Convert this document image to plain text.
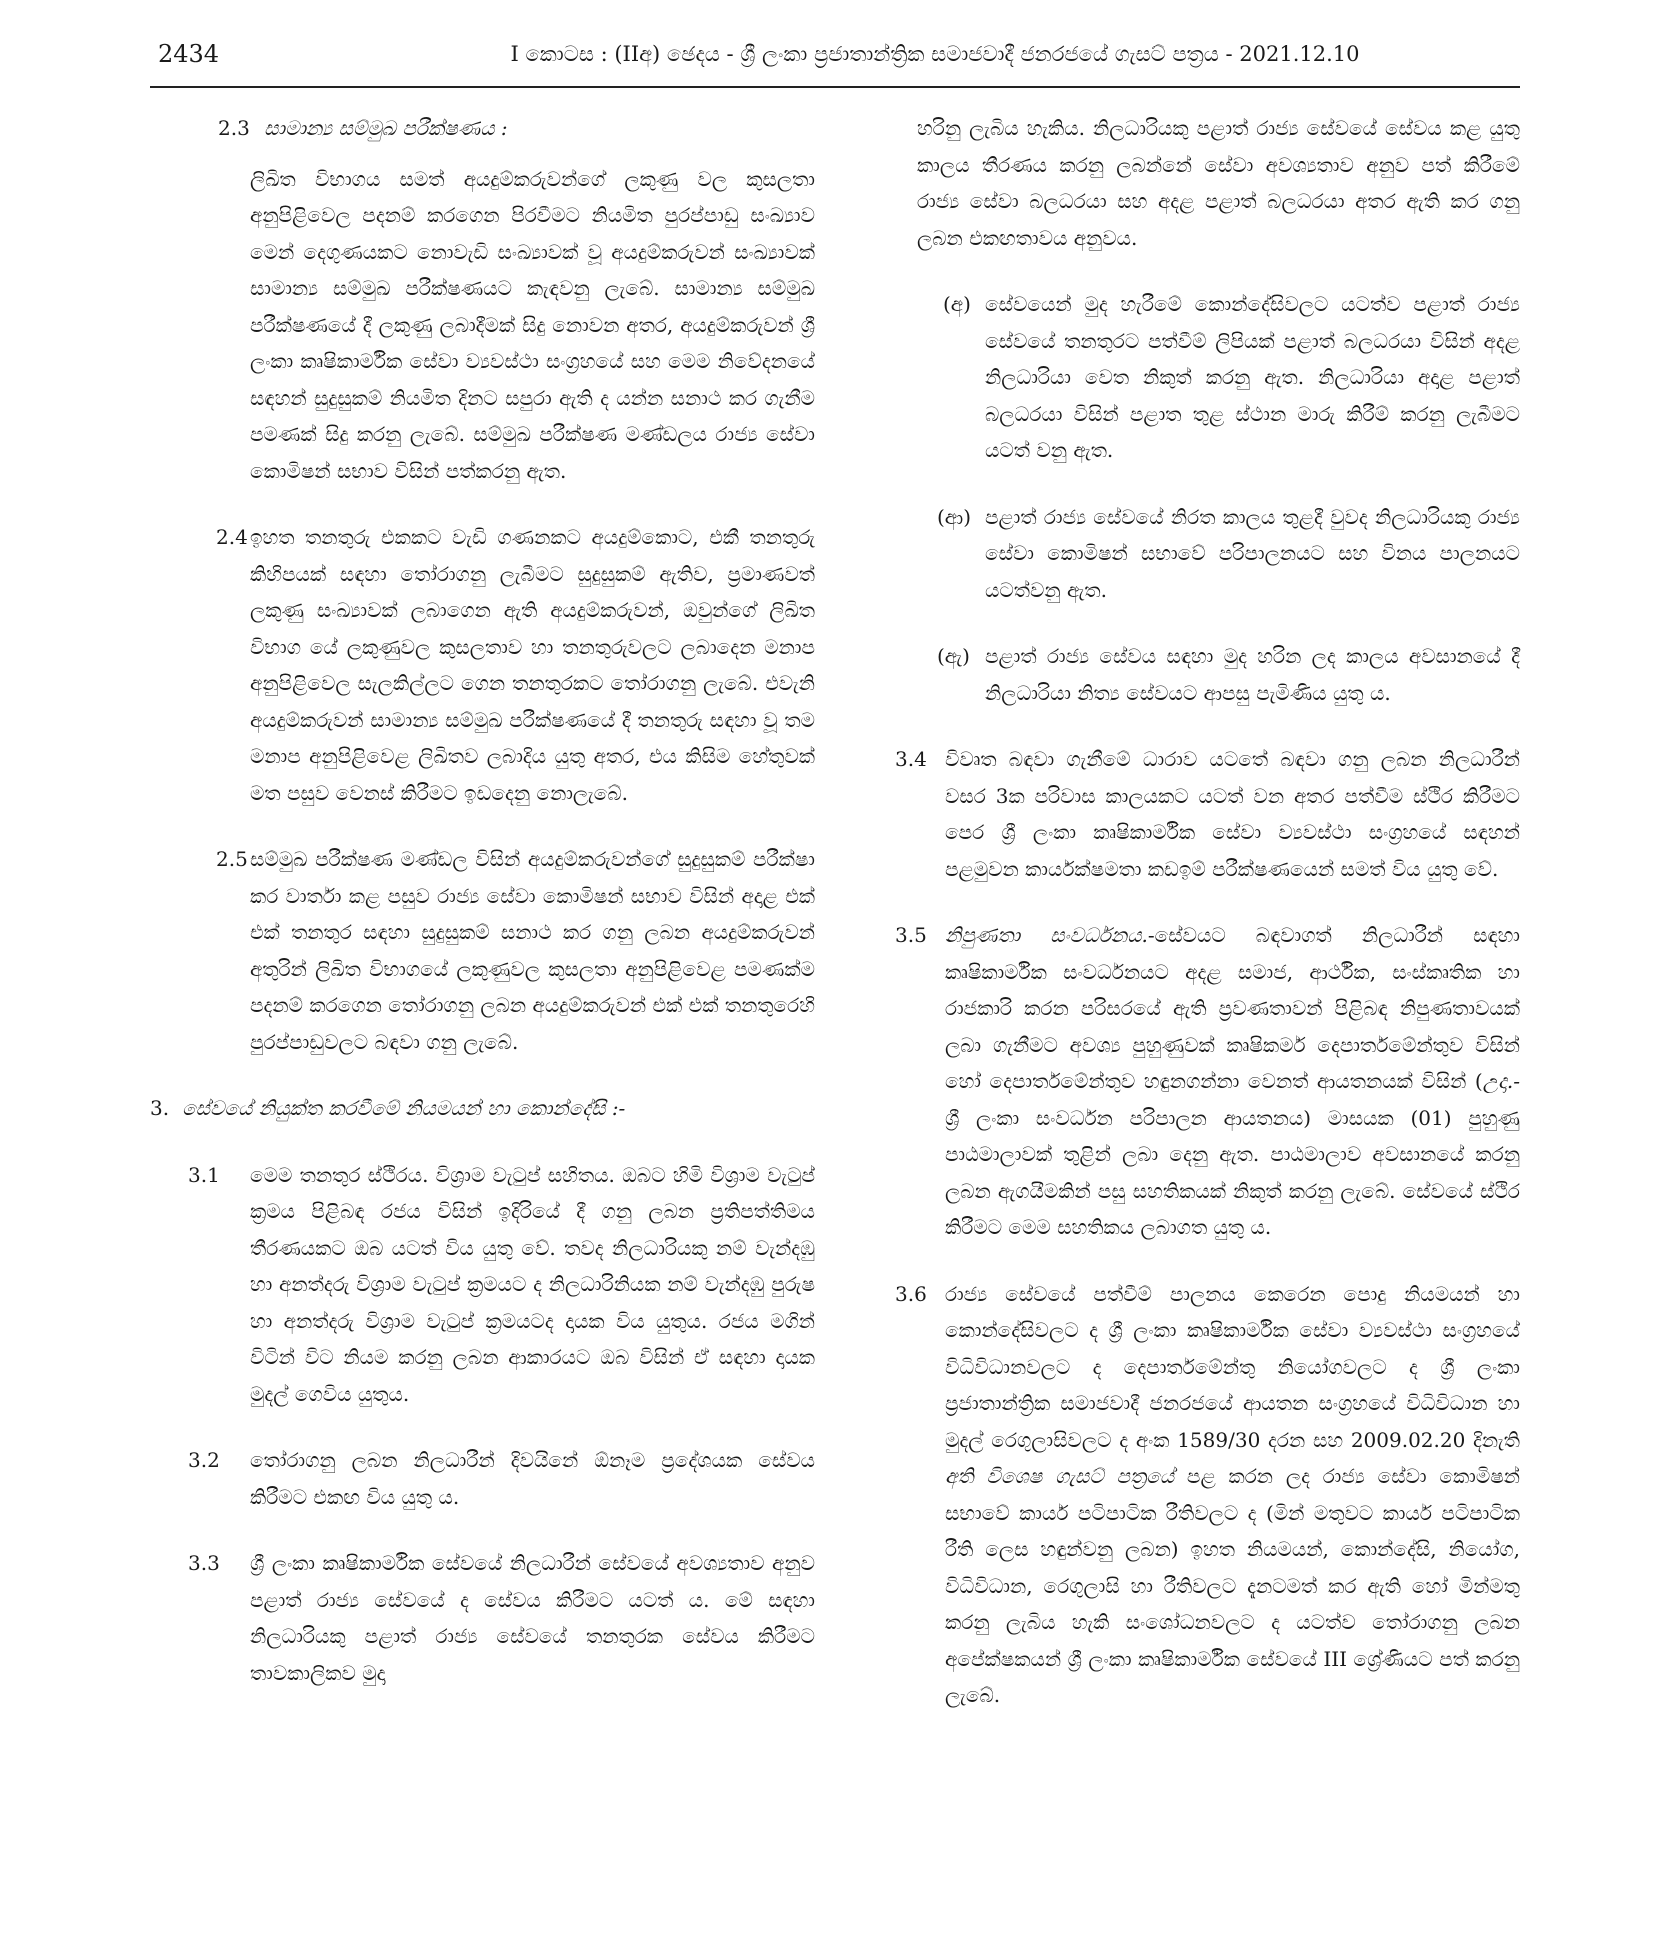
2434	I කොටස : (IIඅ) ඡෙදය - ශ්‍රී ලංකා ප්‍රජාතාන්ත්‍රික සමාජවාදී ජනරජයේ ගැසට් පත්‍රය - 2021.12.10
2.3 සාමාන්‍ය සම්මුඛ පරීක්ෂණය :
ලිඛිත විභාගය සමත් අයදුම්කරුවන්ගේ ලකුණු වල කුසලතා අනුපිළිවෙල පදනම් කරගෙන පිරවීමට නියමිත පුරප්පාඩු සංඛ්‍යාව මෙන් දෙගුණයකට නොවැඩි සංඛ්‍යාවක් වූ අයදුම්කරුවන් සංඛ්‍යාවක් සාමාන්‍ය සම්මුඛ පරීක්ෂණයට කැඳවනු ලැබේ. සාමාන්‍ය සම්මුඛ පරීක්ෂණයේ දී ලකුණු ලබාදීමක් සිදු නොවන අතර, අයදුම්කරුවන් ශ්‍රී ලංකා කෘෂිකාර්මික සේවා ව්‍යවස්ථා සංග්‍රහයේ සහ මෙම නිවේදනයේ සඳහන් සුදුසුකම් නියමිත දිනට සපුරා ඇති ද යන්න සනාථ කර ගැනීම පමණක් සිදු කරනු ලැබේ. සම්මුඛ පරීක්ෂණ මණ්ඩලය රාජ්‍ය සේවා කොමිෂන් සභාව විසින් පත්කරනු ඇත.
2.4 ඉහත තනතුරු එකකට වැඩි ගණනකට අයදුම්කොට, එකී තනතුරු කිහිපයක් සඳහා තෝරාගනු ලැබීමට සුදුසුකම් ඇතිව, ප්‍රමාණවත් ලකුණු සංඛ්‍යාවක් ලබාගෙන ඇති අයදුම්කරුවන්, ඔවුන්ගේ ලිඛිත විභාග යේ ලකුණුවල කුසලතාව හා තනතුරුවලට ලබාදෙන මනාප අනුපිළිවෙල සැලකිල්ලට ගෙන තනතුරකට තෝරාගනු ලැබේ. එවැනි අයදුම්කරුවන් සාමාන්‍ය සම්මුඛ පරීක්ෂණයේ දී තනතුරු සඳහා වූ තම මනාප අනුපිළිවෙළ ලිඛිතව ලබාදිය යුතු අතර, එය කිසිම හේතුවක් මත පසුව වෙනස් කිරීමට ඉඩදෙනු නොලැබේ.
2.5 සම්මුඛ පරීක්ෂණ මණ්ඩල විසින් අයදුම්කරුවන්ගේ සුදුසුකම් පරීක්ෂා කර වාර්තා කළ පසුව රාජ්‍ය සේවා කොමිෂන් සභාව විසින් අදාළ එක් එක් තනතුර සඳහා සුදුසුකම් සනාථ කර ගනු ලබන අයදුම්කරුවන් අතුරින් ලිඛිත විභාගයේ ලකුණුවල කුසලතා අනුපිළිවෙළ පමණක්ම පදනම් කරගෙන තෝරාගනු ලබන අයදුම්කරුවන් එක් එක් තනතුරෙහි පුරප්පාඩුවලට බඳවා ගනු ලැබේ.
3. සේවයේ නියුක්ත කරවීමේ නියමයන් හා කොන්දේසි :-
3.1 මෙම තනතුර ස්ථිරය. විශ්‍රාම වැටුප් සහිතය. ඔබට හිමි විශ්‍රාම වැටුප් ක්‍රමය පිළිබඳ රජය විසින් ඉදිරියේ දී ගනු ලබන ප්‍රතිපත්තිමය තීරණයකට ඔබ යටත් විය යුතු වේ. තවද නිලධාරියකු නම් වැන්දඹු හා අනත්දරු විශ්‍රාම වැටුප් ක්‍රමයට ද නිලධාරිනියක නම් වැන්දඹු පුරුෂ හා අනත්දරු විශ්‍රාම වැටුප් ක්‍රමයටද දායක විය යුතුය. රජය මගින් විටින් විට නියම කරනු ලබන ආකාරයට ඔබ විසින් ඒ සඳහා දායක මුදල් ගෙවිය යුතුය.
3.2 තෝරාගනු ලබන නිලධාරීන් දිවයිනේ ඕනෑම ප්‍රදේශයක සේවය කිරීමට එකඟ විය යුතු ය.
3.3 ශ්‍රී ලංකා කෘෂිකාර්මික සේවයේ නිලධාරීන් සේවයේ අවශ්‍යතාව අනුව පළාත් රාජ්‍ය සේවයේ ද සේවය කිරීමට යටත් ය. මේ සඳහා නිලධාරියකු පළාත් රාජ්‍ය සේවයේ තනතුරක සේවය කිරීමට තාවකාලිකව මුදා
හරිනු ලැබිය හැකිය. නිලධාරියකු පළාත් රාජ්‍ය සේවයේ සේවය කළ යුතු කාලය තීරණය කරනු ලබන්නේ සේවා අවශ්‍යතාව අනුව පත් කිරීමේ රාජ්‍ය සේවා බලධරයා සහ අදළ පළාත් බලධරයා අතර ඇති කර ගනු ලබන එකඟතාවය අනුවය.
(අ) සේවයෙන් මුද හැරීමේ කොන්දේසිවලට යටත්ව පළාත් රාජ්‍ය සේවයේ තනතුරට පත්වීම් ලිපියක් පළාත් බලධරයා විසින් අදළ නිලධාරියා වෙත නිකුත් කරනු ඇත. නිලධාරියා අදාළ පළාත් බලධරයා විසින් පළාත තුළ ස්ථාන මාරු කිරීම් කරනු ලැබීමට යටත් වනු ඇත.
(ආ) පළාත් රාජ්‍ය සේවයේ නිරත කාලය තුළදී වුවද නිලධාරියකු රාජ්‍ය සේවා කොමිෂන් සභාවේ පරිපාලනයට සහ විනය පාලනයට යටත්වනු ඇත.
(ඇ) පළාත් රාජ්‍ය සේවය සඳහා මුද හරින ලද කාලය අවසානයේ දී නිලධාරියා නිත්‍ය සේවයට ආපසු පැමිණිය යුතු ය.
3.4 විවෘත බඳවා ගැනීමේ ධාරාව යටතේ බඳවා ගනු ලබන නිලධාරීන් වසර 3ක පරිවාස කාලයකට යටත් වන අතර පත්වීම ස්ථිර කිරීමට පෙර ශ්‍රී ලංකා කෘෂිකාර්මික සේවා ව්‍යවස්ථා සංග්‍රහයේ සඳහන් පළමුවන කාර්යක්ෂමතා කඩඉම් පරීක්ෂණයෙන් සමත් විය යුතු වේ.
3.5 නිපුණතා සංවර්ධනය.-සේවයට බඳවාගත් නිලධාරීන් සඳහා කෘෂිකාර්මික සංවර්ධනයට අදළ සමාජ, ආර්ථික, සංස්කෘතික හා රාජකාරි කරන පරිසරයේ ඇති ප්‍රවණතාවන් පිළිබඳ නිපුණතාවයක් ලබා ගැනීමට අවශ්‍ය පුහුණුවක් කෘෂිකර්ම දෙපාර්තමේන්තුව විසින් හෝ දෙපාර්තමේන්තුව හඳුනගන්නා වෙනත් ආයතනයක් විසින් (උදා.- ශ්‍රී ලංකා සංවර්ධන පරිපාලන ආයතනය) මාසයක (01) පුහුණු පාඨමාලාවක් තුළින් ලබා දෙනු ඇත. පාඨමාලාව අවසානයේ කරනු ලබන ඇගයීමකින් පසු සහතිකයක් නිකුත් කරනු ලැබේ. සේවයේ ස්ථිර කිරීමට මෙම සහතිකය ලබාගත යුතු ය.
3.6 රාජ්‍ය සේවයේ පත්වීම් පාලනය කෙරෙන පොදු නියමයන් හා කොන්දේසිවලට ද ශ්‍රී ලංකා කෘෂිකාර්මික සේවා ව්‍යවස්ථා සංග්‍රහයේ විධිවිධානවලට ද දෙපාර්තමේන්තු නියෝගවලට ද ශ්‍රී ලංකා ප්‍රජාතාන්ත්‍රික සමාජවාදී ජනරජයේ ආයතන සංග්‍රහයේ විධිවිධාන හා මුදල් රෙගුලාසිවලට ද අංක 1589/30 දරන සහ 2009.02.20 දිනැති අති විශෙෂ ගැසට් පත්‍රයේ පළ කරන ලද රාජ්‍ය සේවා කොමිෂන් සභාවේ කාර්ය පටිපාටික රීතිවලට ද (මින් මතුවට කාර්ය පටිපාටික රීති ලෙස හඳුන්වනු ලබන) ඉහත නියමයන්, කොන්දේසි, නියෝග, විධිවිධාන, රෙගුලාසි හා රීතිවලට දැනටමත් කර ඇති හෝ මින්මතු කරනු ලැබිය හැකි සංශෝධනවලට ද යටත්ව තෝරාගනු ලබන අපේක්ෂකයන් ශ්‍රී ලංකා කෘෂිකාර්මික සේවයේ III ශ්‍රේණියට පත් කරනු ලැබේ.
